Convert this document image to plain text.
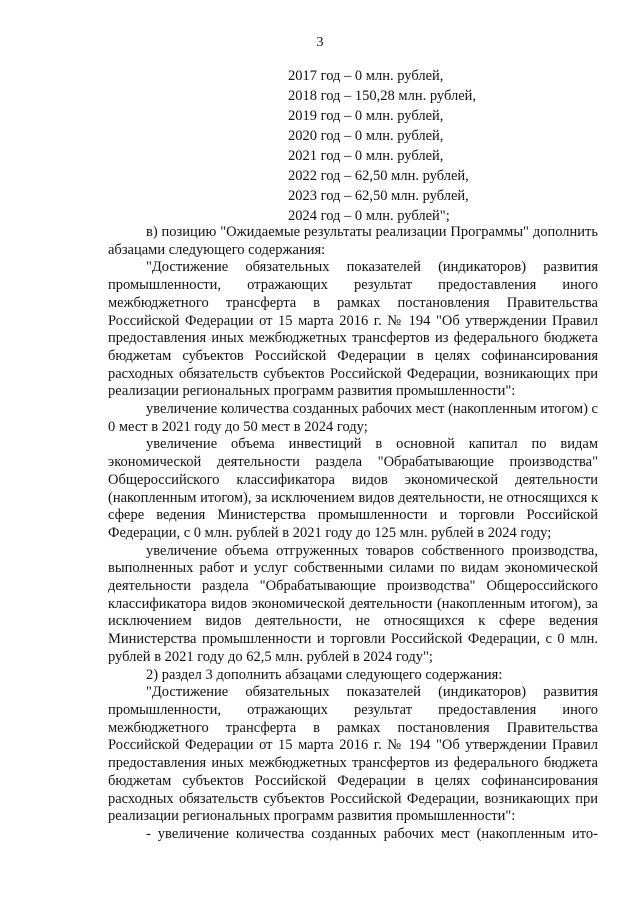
3
2017 год – 0 млн. рублей,
2018 год – 150,28 млн. рублей,
2019 год – 0 млн. рублей,
2020 год – 0 млн. рублей,
2021 год – 0 млн. рублей,
2022 год – 62,50 млн. рублей,
2023 год – 62,50 млн. рублей,
2024 год – 0 млн. рублей";

в) позицию "Ожидаемые результаты реализации Программы" дополнить абзацами следующего содержания:

"Достижение обязательных показателей (индикаторов) развития промышленности, отражающих результат предоставления иного межбюджетного трансферта в рамках постановления Правительства Российской Федерации от 15 марта 2016 г. № 194 "Об утверждении Правил предоставления иных межбюджетных трансфертов из федерального бюджета бюджетам субъектов Российской Федерации в целях софинансирования расходных обязательств субъектов Российской Федерации, возникающих при реализации региональных программ развития промышленности":

увеличение количества созданных рабочих мест (накопленным итогом) с 0 мест в 2021 году до 50 мест в 2024 году;

увеличение объема инвестиций в основной капитал по видам экономической деятельности раздела "Обрабатывающие производства" Общероссийского классификатора видов экономической деятельности (накопленным итогом), за исключением видов деятельности, не относящихся к сфере ведения Министерства промышленности и торговли Российской Федерации, с 0 млн. рублей в 2021 году до 125 млн. рублей в 2024 году;

увеличение объема отгруженных товаров собственного производства, выполненных работ и услуг собственными силами по видам экономической деятельности раздела "Обрабатывающие производства" Общероссийского классификатора видов экономической деятельности (накопленным итогом), за исключением видов деятельности, не относящихся к сфере ведения Министерства промышленности и торговли Российской Федерации, с 0 млн. рублей в 2021 году до 62,5 млн. рублей в 2024 году";

2) раздел 3 дополнить абзацами следующего содержания:

"Достижение обязательных показателей (индикаторов) развития промышленности, отражающих результат предоставления иного межбюджетного трансферта в рамках постановления Правительства Российской Федерации от 15 марта 2016 г. № 194 "Об утверждении Правил предоставления иных межбюджетных трансфертов из федерального бюджета бюджетам субъектов Российской Федерации в целях софинансирования расходных обязательств субъектов Российской Федерации, возникающих при реализации региональных программ развития промышленности":

- увеличение количества созданных рабочих мест (накопленным ито-
